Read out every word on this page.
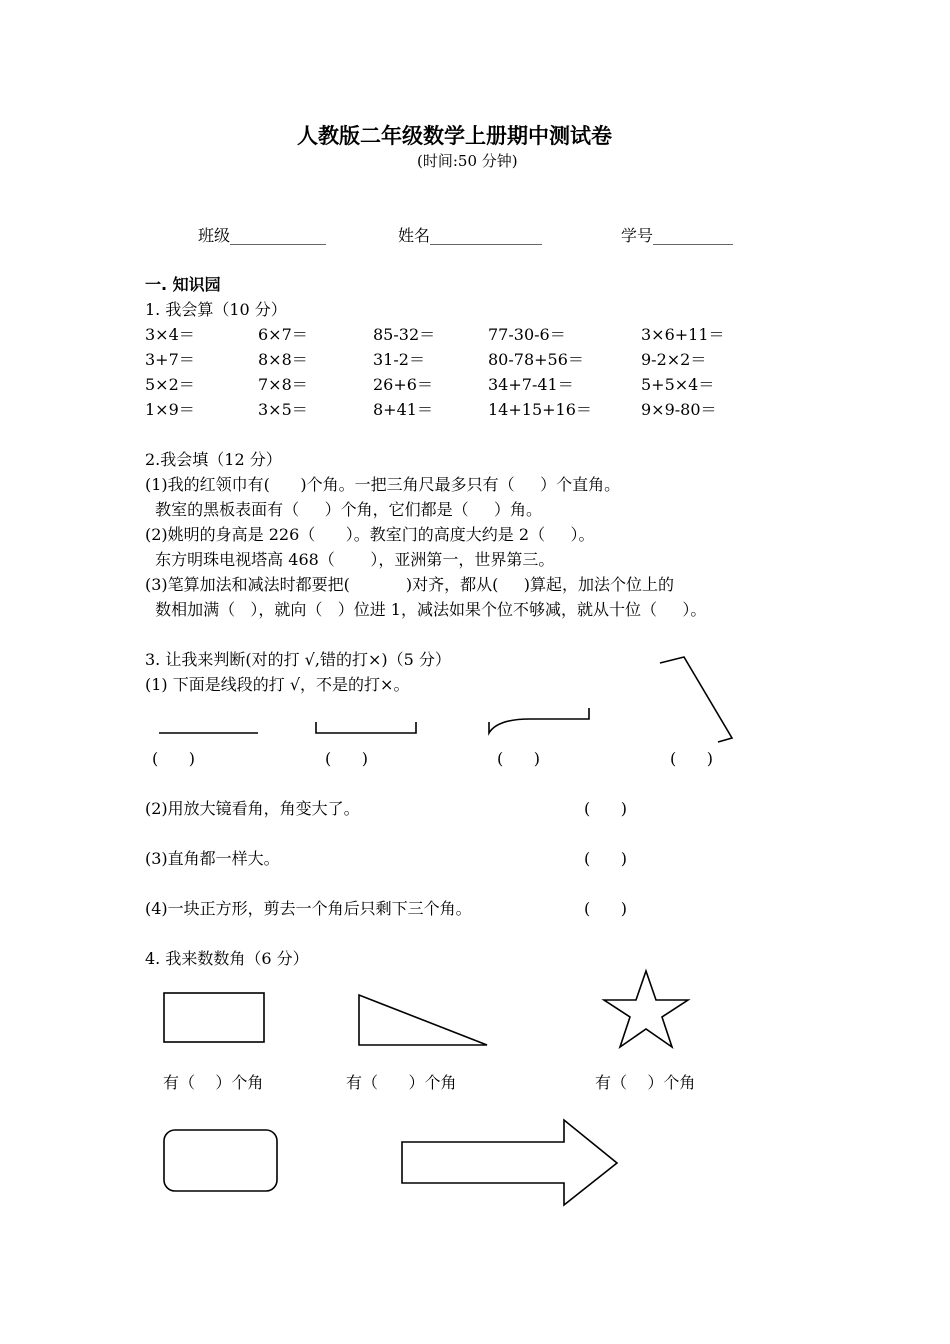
人教版二年级数学上册期中测试卷
(时间:50 分钟)
班级____________	姓名______________	学号__________
一. 知识园
1. 我会算（10 分）
3×4＝	6×7＝	85-32＝	77-30-6＝	3×6+11＝
3+7＝	8×8＝	31-2＝	80-78+56＝	9-2×2＝
5×2＝	7×8＝	26+6＝	34+7-41＝	5+5×4＝
1×9＝	3×5＝	8+41＝	14+15+16＝	9×9-80＝
2.我会填（12 分）
(1)我的红领巾有(      )个角。一把三角尺最多只有（     ）个直角。
教室的黑板表面有（     ）个角，它们都是（     ）角。
(2)姚明的身高是 226（      ）。教室门的高度大约是 2（     ）。
东方明珠电视塔高 468（       ），亚洲第一，世界第三。
(3)笔算加法和减法时都要把(           )对齐，都从(     )算起，加法个位上的
数相加满（   ），就向（   ）位进 1，减法如果个位不够减，就从十位（     ）。
3. 让我来判断(对的打 √,错的打×)（5 分）
(1) 下面是线段的打 √，不是的打×。
(      )	(      )	(      )	(      )
(2)用放大镜看角，角变大了。	(      )
(3)直角都一样大。	(      )
(4)一块正方形，剪去一个角后只剩下三个角。	(      )
4. 我来数数角（6 分）
有（    ）个角	有（      ）个角	有（    ）个角
